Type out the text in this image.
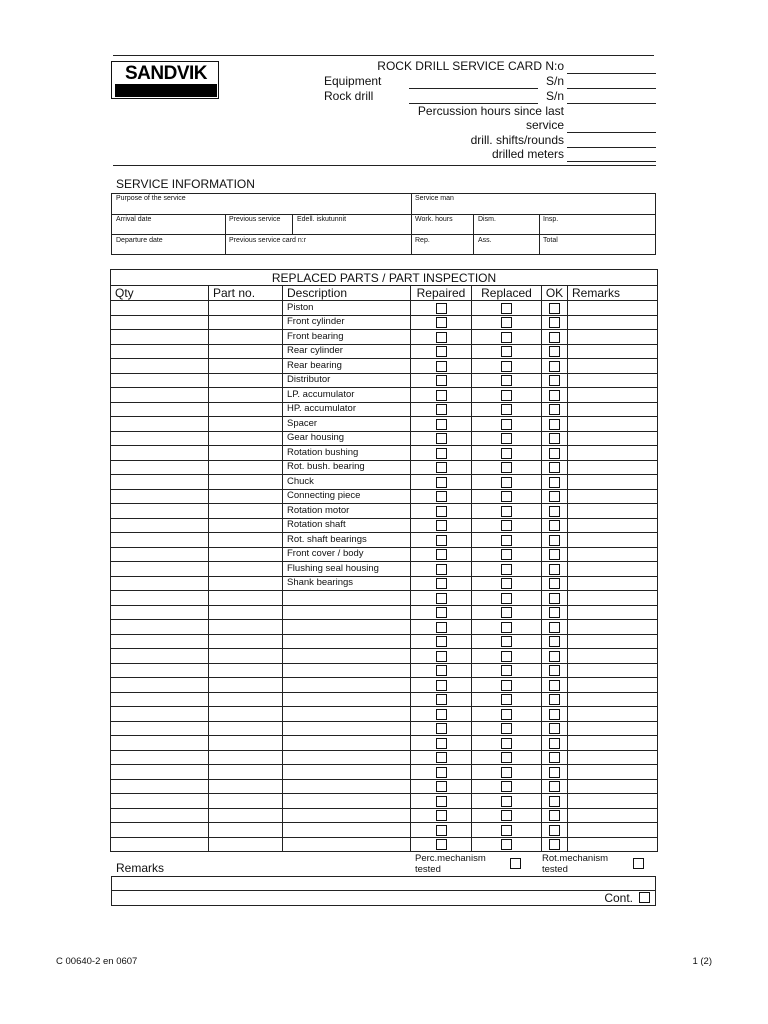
SANDVIK	ROCK DRILL SERVICE CARD N:o
Equipment	S/n
Rock drill	S/n
Percussion hours since last
service
drill. shifts/rounds
drilled meters
SERVICE INFORMATION
Purpose of the service	Service man
Arrival date	Previous service Edell. iskutunnit	Work. hours	Dism.	Insp.
Departure date	Previous service card n:r	Rep.	Ass.	Total
REPLACED PARTS / PART INSPECTION						
Qty	Part no.	Description	Repaired	Replaced	OK	Remarks
		Piston	

		Front cylinder	

		Front bearing	

		Rear cylinder	

		Rear bearing	

		Distributor	

		LP. accumulator	

		HP. accumulator	

		Spacer	

		Gear housing	

		Rotation bushing	

		Rot. bush. bearing	

		Chuck	

		Connecting piece	

		Rotation motor	

		Rotation shaft	

		Rot. shaft bearings	

		Front cover / body	

		Flushing seal housing	

		Shank bearings	

Remarks
Perc.mechanism
tested
Rot.mechanism
tested
Cont.
C 00640-2 en 0607	1 (2)
